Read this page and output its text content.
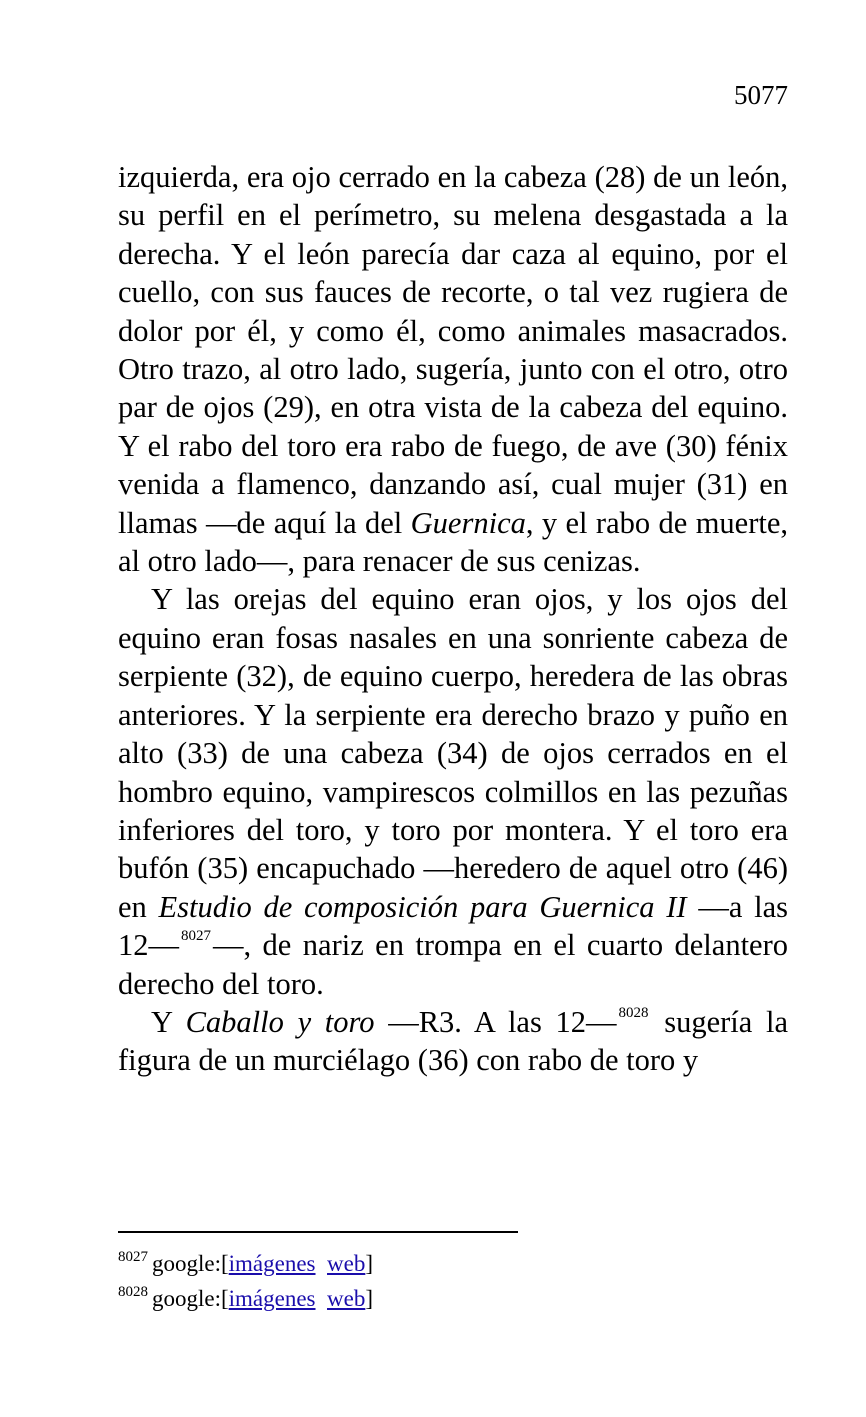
5077

izquierda, era ojo cerrado en la cabeza (28) de un león, su perfil en el perímetro, su melena desgastada a la derecha. Y el león parecía dar caza al equino, por el cuello, con sus fauces de recorte, o tal vez rugiera de dolor por él, y como él, como animales masacrados. Otro trazo, al otro lado, sugería, junto con el otro, otro par de ojos (29), en otra vista de la cabeza del equino. Y el rabo del toro era rabo de fuego, de ave (30) fénix venida a flamenco, danzando así, cual mujer (31) en llamas —de aquí la del Guernica, y el rabo de muerte, al otro lado—, para renacer de sus cenizas.

Y las orejas del equino eran ojos, y los ojos del equino eran fosas nasales en una sonriente cabeza de serpiente (32), de equino cuerpo, heredera de las obras anteriores. Y la serpiente era derecho brazo y puño en alto (33) de una cabeza (34) de ojos cerrados en el hombro equino, vampirescos colmillos en las pezuñas inferiores del toro, y toro por montera. Y el toro era bufón (35) encapuchado —heredero de aquel otro (46) en Estudio de composición para Guernica II —a las 12— $^{8027}$—, de nariz en trompa en el cuarto delantero derecho del toro.

Y Caballo y toro —R3. A las 12— $^{8028}$ sugería la figura de un murciélago (36) con rabo de toro y

$^{8027}$ google:[imágenes web]
$^{8028}$ google:[imágenes web]
